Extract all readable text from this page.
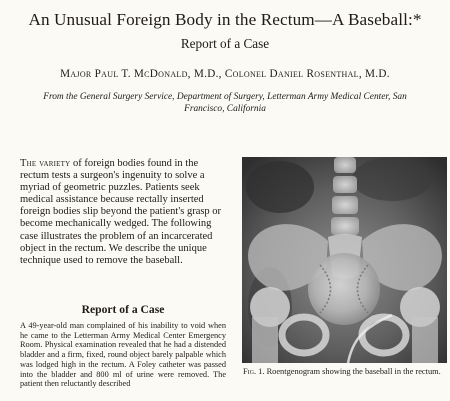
An Unusual Foreign Body in the Rectum—A Baseball:*
Report of a Case
Major Paul T. McDonald, M.D., Colonel Daniel Rosenthal, M.D.
From the General Surgery Service, Department of Surgery, Letterman Army Medical Center, San Francisco, California

The variety of foreign bodies found in the rectum tests a surgeon's ingenuity to solve a myriad of geometric puzzles. Patients seek medical assistance because rectally inserted foreign bodies slip beyond the patient's grasp or become mechanically wedged. The following case illustrates the problem of an incarcerated object in the rectum. We describe the unique technique used to remove the baseball.

Report of a Case

A 49-year-old man complained of his inability to void when he came to the Letterman Army Medical Center Emergency Room. Physical examination revealed that he had a distended bladder and a firm, fixed, round object barely palpable which was lodged high in the rectum. A Foley catheter was passed into the bladder and 800 ml of urine were removed. The patient then reluctantly described

Fig. 1. Roentgenogram showing the baseball in the rectum.
